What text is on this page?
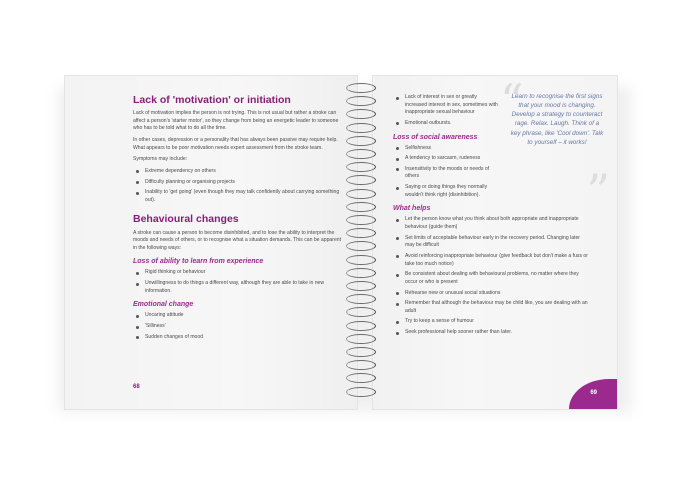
Lack of 'motivation' or initiation

Lack of motivation implies the person is not trying. This is not usual but rather a stroke can affect a person's 'starter motor', so they change from being an energetic leader to someone who has to be told what to do all the time.

In other cases, depression or a personality that has always been passive may require help. What appears to be poor motivation needs expert assessment from the stroke team.

Symptoms may include:

Extreme dependency on others
Difficulty planning or organising projects
Inability to 'get going' (even though they may talk confidently about carrying something out).
Behavioural changes

A stroke can cause a person to become disinhibited, and to lose the ability to interpret the moods and needs of others, or to recognise what a situation demands. This can be apparent in the following ways:

Loss of ability to learn from experience
Rigid thinking or behaviour
Unwillingness to do things a different way, although they are able to take in new information.
Emotional change
Uncaring attitude
'Silliness'
Sudden changes of mood
68
“
Learn to recognise the first signs that your mood is changing. Develop a strategy to counteract rage. Relax. Laugh. Think of a key phrase, like 'Cool down'. Talk to yourself – it works!
”
Lack of interest in sex or greatly increased interest in sex, sometimes with inappropriate sexual behaviour
Emotional outbursts.
Loss of social awareness
Selfishness
A tendency to sarcasm, rudeness
Insensitivity to the moods or needs of others
Saying or doing things they normally wouldn't think right (disinhibition).
What helps
Let the person know what you think about both appropriate and inappropriate behaviour (guide them)
Set limits of acceptable behaviour early in the recovery period. Changing later may be difficult
Avoid reinforcing inappropriate behaviour (give feedback but don't make a fuss or take too much notice)
Be consistent about dealing with behavioural problems, no matter where they occur or who is present
Rehearse new or unusual social situations
Remember that although the behaviour may be child like, you are dealing with an adult
Try to keep a sense of humour
Seek professional help sooner rather than later.
69
